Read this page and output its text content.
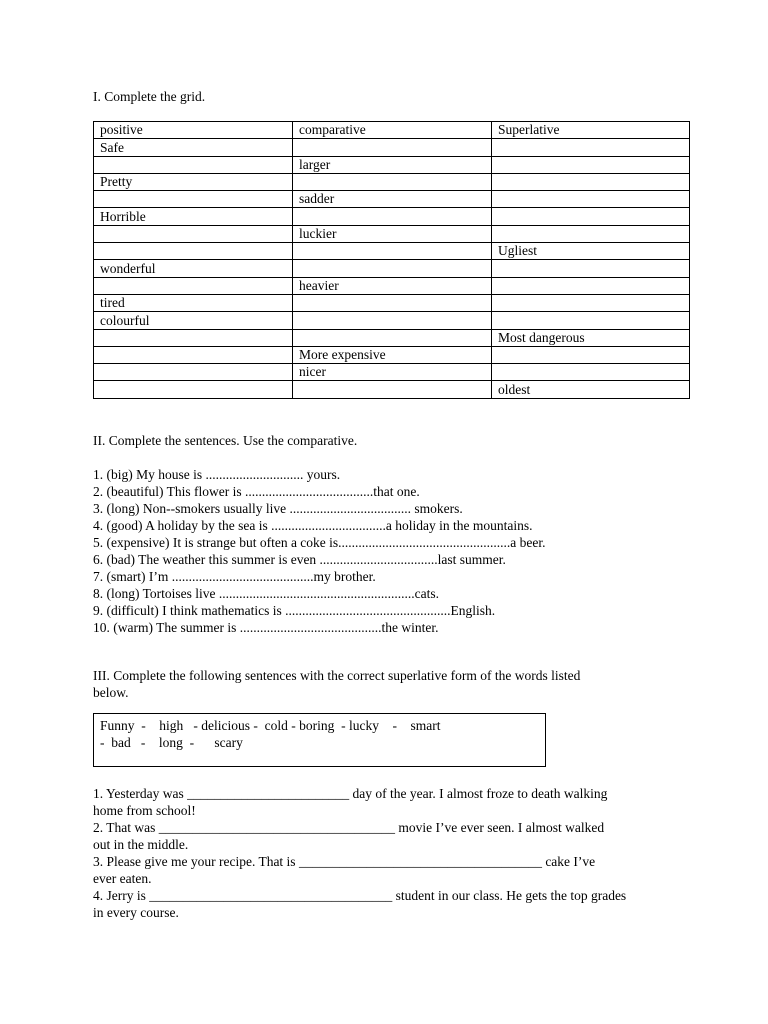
I. Complete the grid.
positive	comparative	Superlative
Safe		
	larger	
Pretty		
	sadder	
Horrible		
	luckier	
		Ugliest
wonderful		
	heavier	
tired		
colourful		
		Most dangerous
	More expensive	
	nicer	
		oldest
II. Complete the sentences. Use the comparative.
1. (big) My house is ............................. yours.
2. (beautiful) This flower is ......................................that one.
3. (long) Non--smokers usually live .................................... smokers.
4. (good) A holiday by the sea is ..................................a holiday in the mountains.
5. (expensive) It is strange but often a coke is...................................................a beer.
6. (bad) The weather this summer is even ...................................last summer.
7. (smart) I’m ..........................................my brother.
8. (long) Tortoises live ..........................................................cats.
9. (difficult) I think mathematics is .................................................English.
10. (warm) The summer is ..........................................the winter.
III. Complete the following sentences with the correct superlative form of the words listed
below.
Funny  -    high   - delicious -  cold - boring  - lucky    -    smart
-  bad   -    long  -      scary
1. Yesterday was ________________________ day of the year. I almost froze to death walking
home from school!
2. That was ___________________________________ movie I’ve ever seen. I almost walked
out in the middle.
3. Please give me your recipe. That is ____________________________________ cake I’ve
ever eaten.
4. Jerry is ____________________________________ student in our class. He gets the top grades
in every course.
